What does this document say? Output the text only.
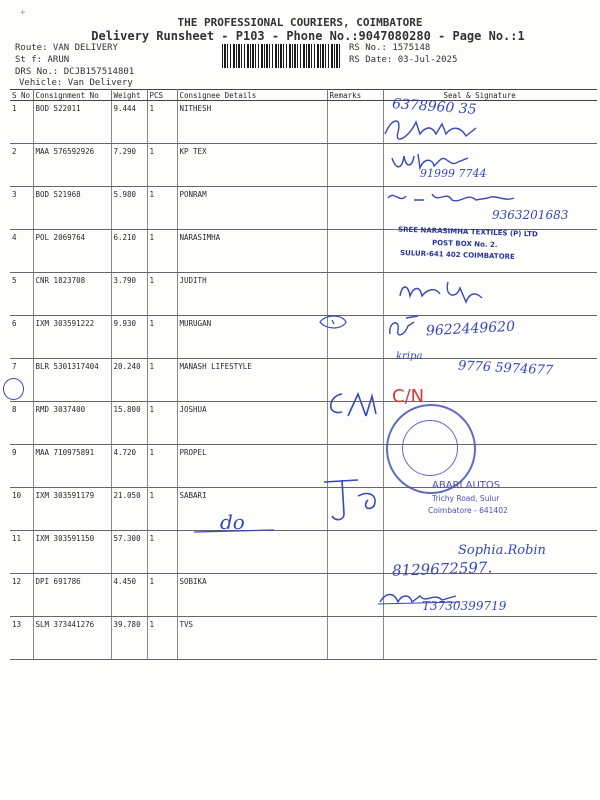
THE PROFESSIONAL COURIERS, COIMBATORE
Delivery Runsheet - P103 - Phone No.:9047080280 - Page No.:1
Route: VAN DELIVERY
St f: ARUN
DRS No.: DCJB157514801
Vehicle: Van Delivery
RS No.: 1575148
RS Date: 03-Jul-2025
+
S No	Consignment No	Weight	PCS	Consignee Details	Remarks	Seal & Signature
1	BOD 522011	9.444	1	NITHESH		
2	MAA 576592926	7.290	1	KP TEX		
3	BOD 521968	5.980	1	PONRAM		
4	POL 2069764	6.210	1	NARASIMHA		
5	CNR 1823708	3.790	1	JUDITH		
6	IXM 303591222	9.930	1	MURUGAN		
7	BLR 5301317404	20.240	1	MANASH LIFESTYLE		
8	RMD 3037400	15.800	1	JOSHUA		
9	MAA 710975891	4.720	1	PROPEL		
10	IXM 303591179	21.050	1	SABARI		
11	IXM 303591150	57.300	1			
12	DPI 691786	4.450	1	SOBIKA		
13	SLM 373441276	39.780	1	TVS		
6378960 35
91999 7744
9363201683
SREE NARASIMHA TEXTILES (P) LTD
POST BOX No. 2.
SULUR-641 402 COIMBATORE
9622449620
kripa
9776 5974677
C/N
ABARI AUTOS
Trichy Road, Sulur
Coimbatore - 641402
do
Sophia.Robin
8129672597.
T3730399719
